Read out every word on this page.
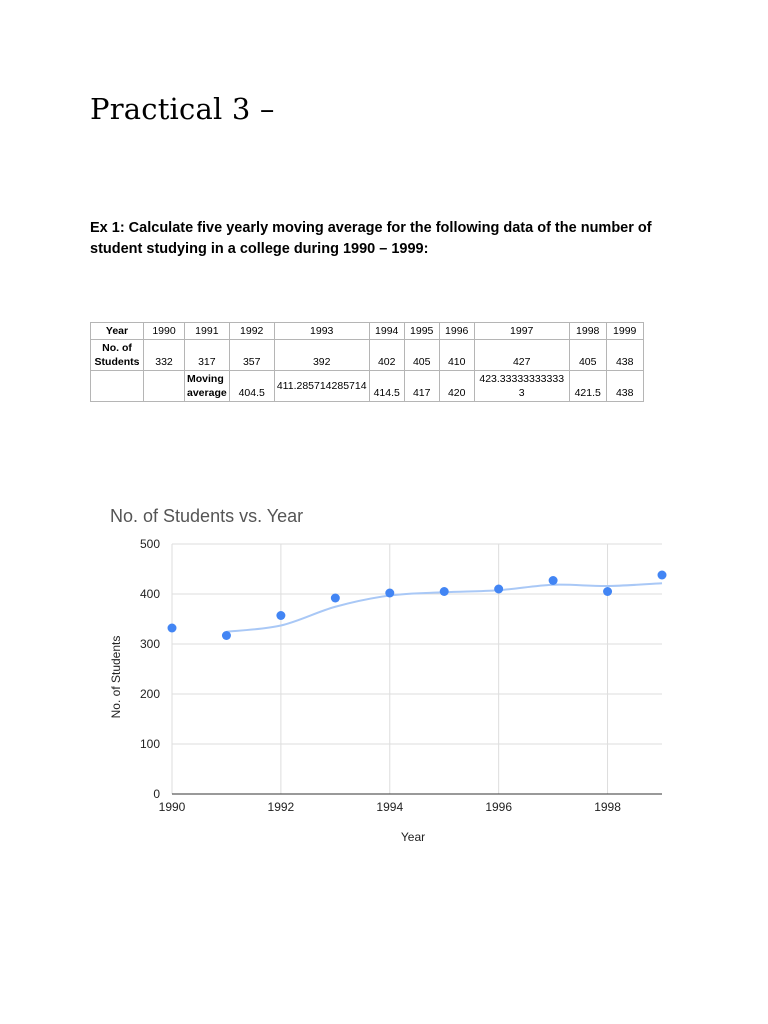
Practical 3 –

Ex 1: Calculate five yearly moving average for the following data of the number of student studying in a college during 1990 – 1999:

Year	1990	1991	1992	1993	1994	1995	1996	1997	1998	1999
No. of Students	332	317	357	392	402	405	410	427	405	438
		Moving average	404.5	411.285714285714	414.5	417	420	423.333333333333	421.5	438
No. of Students vs. Year
0
100
200
300
400
500
1990	1992	1994	1996	1998
Year
No. of Students
